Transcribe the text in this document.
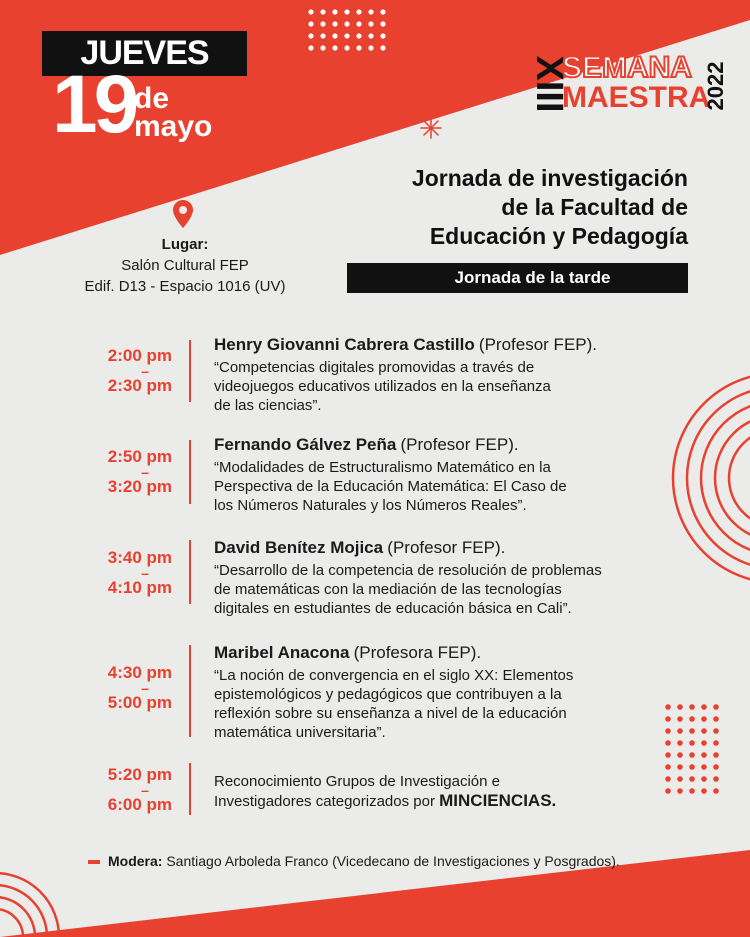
JUEVES
19
de
mayo
XIII
SEMANA
MAESTRA
2022
Jornada de investigación
de la Facultad de
Educación y Pedagogía
Jornada de la tarde
Lugar:
Salón Cultural FEP
Edif. D13 - Espacio 1016 (UV)
2:00 pm
–
2:30 pm
Henry Giovanni Cabrera Castillo (Profesor FEP).
“Competencias digitales promovidas a través de
videojuegos educativos utilizados en la enseñanza
de las ciencias”.
2:50 pm
–
3:20 pm
Fernando Gálvez Peña (Profesor FEP).
“Modalidades de Estructuralismo Matemático en la
Perspectiva de la Educación Matemática: El Caso de
los Números Naturales y los Números Reales”.
3:40 pm
–
4:10 pm
David Benítez Mojica (Profesor FEP).
“Desarrollo de la competencia de resolución de problemas
de matemáticas con la mediación de las tecnologías
digitales en estudiantes de educación básica en Cali”.
4:30 pm
–
5:00 pm
Maribel Anacona (Profesora FEP).
“La noción de convergencia en el siglo XX: Elementos
epistemológicos y pedagógicos que contribuyen a la
reflexión sobre su enseñanza a nivel de la educación
matemática universitaria”.
5:20 pm
–
6:00 pm
Reconocimiento Grupos de Investigación e
Investigadores categorizados por MINCIENCIAS.
Modera: Santiago Arboleda Franco (Vicedecano de Investigaciones y Posgrados).
